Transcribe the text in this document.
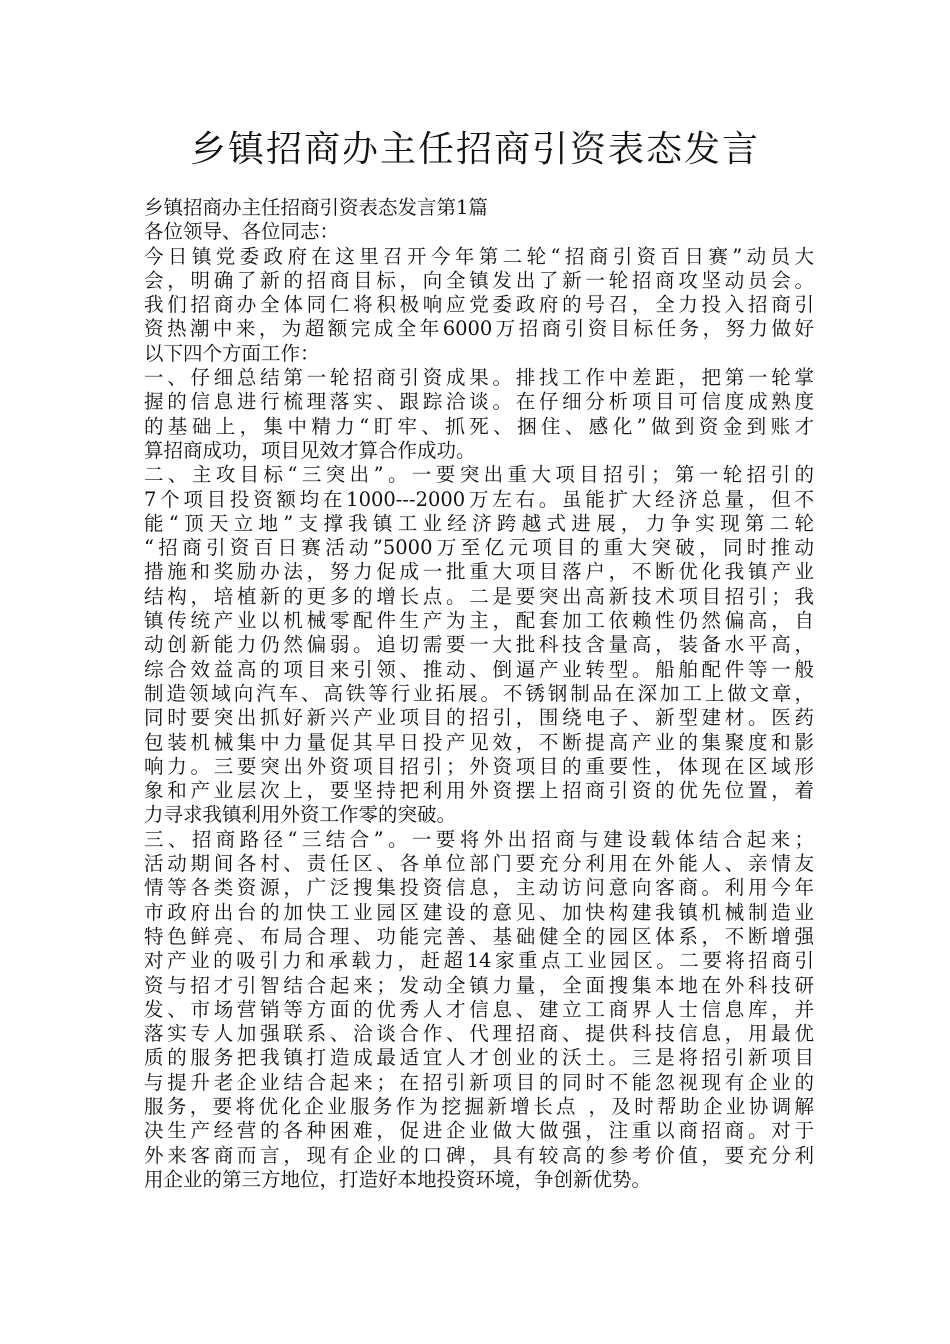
乡镇招商办主任招商引资表态发言
乡镇招商办主任招商引资表态发言第1篇
各位领导、各位同志：
今日镇党委政府在这里召开今年第二轮“招商引资百日赛”动员大
会，明确了新的招商目标，向全镇发出了新一轮招商攻坚动员会。
我们招商办全体同仁将积极响应党委政府的号召，全力投入招商引
资热潮中来，为超额完成全年6000万招商引资目标任务，努力做好
以下四个方面工作：
一、仔细总结第一轮招商引资成果。排找工作中差距，把第一轮掌
握的信息进行梳理落实、跟踪洽谈。在仔细分析项目可信度成熟度
的基础上，集中精力“盯牢、抓死、捆住、感化”做到资金到账才
算招商成功，项目见效才算合作成功。
二、主攻目标“三突出”。一要突出重大项目招引；第一轮招引的
7个项目投资额均在1000---2000万左右。虽能扩大经济总量，但不
能“顶天立地”支撑我镇工业经济跨越式进展，力争实现第二轮
“招商引资百日赛活动”5000万至亿元项目的重大突破，同时推动
措施和奖励办法，努力促成一批重大项目落户，不断优化我镇产业
结构，培植新的更多的增长点。二是要突出高新技术项目招引；我
镇传统产业以机械零配件生产为主，配套加工依赖性仍然偏高，自
动创新能力仍然偏弱。追切需要一大批科技含量高，装备水平高，
综合效益高的项目来引领、推动、倒逼产业转型。船舶配件等一般
制造领域向汽车、高铁等行业拓展。不锈钢制品在深加工上做文章，
同时要突出抓好新兴产业项目的招引，围绕电子、新型建材。医药
包装机械集中力量促其早日投产见效，不断提高产业的集聚度和影
响力。三要突出外资项目招引；外资项目的重要性，体现在区域形
象和产业层次上，要坚持把利用外资摆上招商引资的优先位置，着
力寻求我镇利用外资工作零的突破。
三、招商路径“三结合”。一要将外出招商与建设载体结合起来；
活动期间各村、责任区、各单位部门要充分利用在外能人、亲情友
情等各类资源，广泛搜集投资信息，主动访问意向客商。利用今年
市政府出台的加快工业园区建设的意见、加快构建我镇机械制造业
特色鲜亮、布局合理、功能完善、基础健全的园区体系，不断增强
对产业的吸引力和承载力，赶超14家重点工业园区。二要将招商引
资与招才引智结合起来；发动全镇力量，全面搜集本地在外科技研
发、市场营销等方面的优秀人才信息、建立工商界人士信息库，并
落实专人加强联系、洽谈合作、代理招商、提供科技信息，用最优
质的服务把我镇打造成最适宜人才创业的沃土。三是将招引新项目
与提升老企业结合起来；在招引新项目的同时不能忽视现有企业的
服务，要将优化企业服务作为挖掘新增长点 ，及时帮助企业协调解
决生产经营的各种困难，促进企业做大做强，注重以商招商。对于
外来客商而言，现有企业的口碑，具有较高的参考价值，要充分利
用企业的第三方地位，打造好本地投资环境，争创新优势。
